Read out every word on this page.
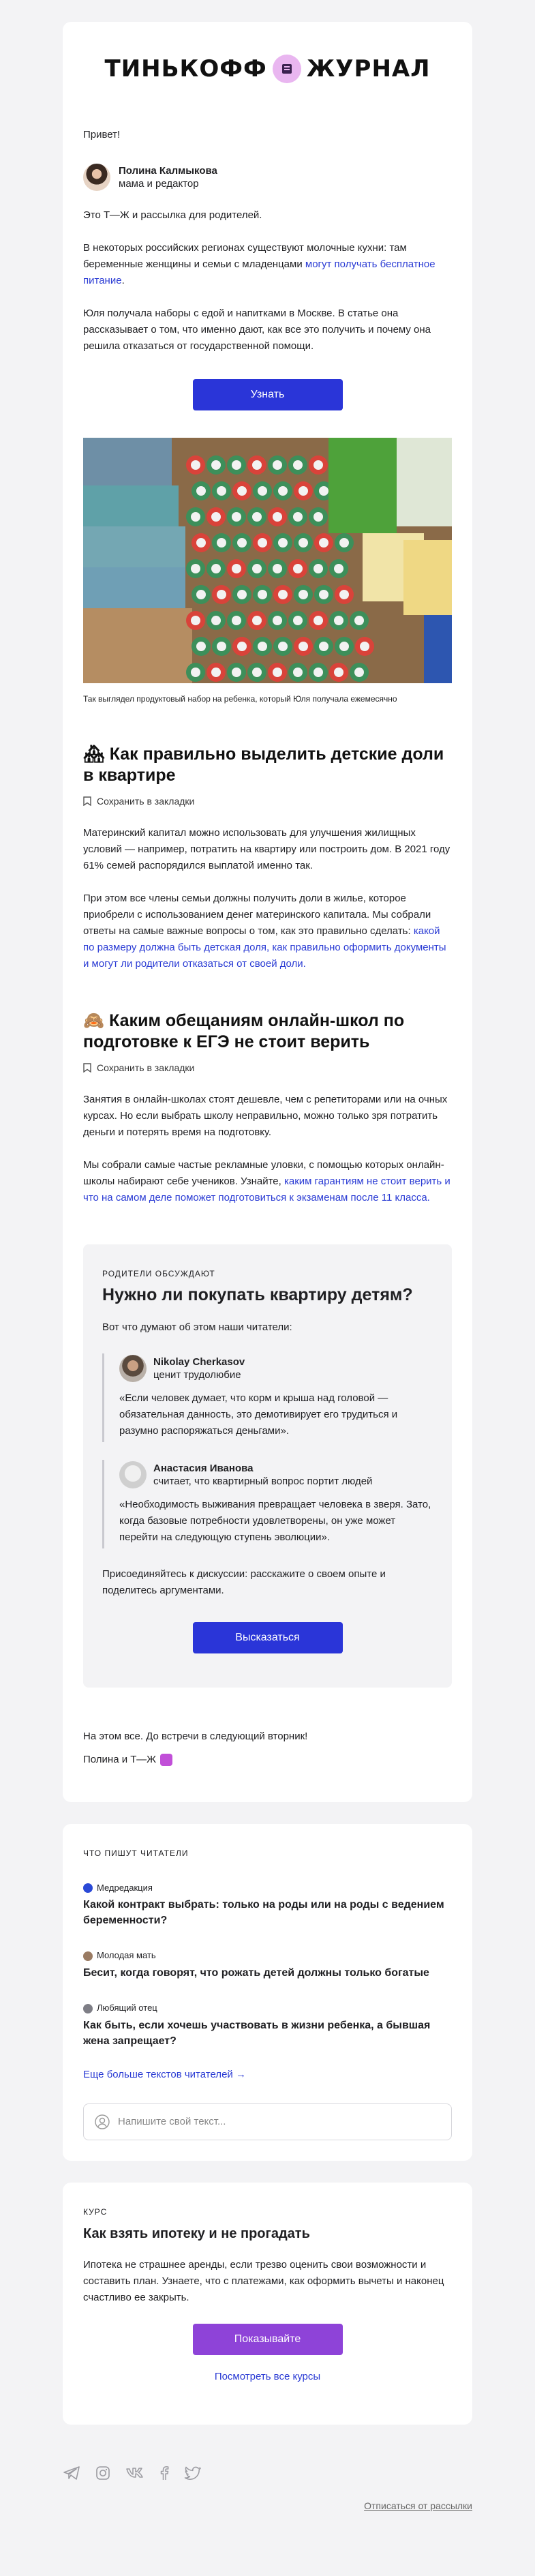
ТИНЬКОФФ ЖУРНАЛ

Привет!

Полина Калмыкова
мама и редактор

Это Т—Ж и рассылка для родителей.

В некоторых российских регионах существуют молочные кухни: там беременные женщины и семьи с младенцами могут получать бесплатное питание.

Юля получала наборы с едой и напитками в Москве. В статье она рассказывает о том, что именно дают, как все это получить и почему она решила отказаться от государственной помощи.

Узнать

Так выглядел продуктовый набор на ребенка, который Юля получала ежемесячно

🏘 Как правильно выделить детские доли в квартире
Сохранить в закладки

Материнский капитал можно использовать для улучшения жилищных условий — например, потратить на квартиру или построить дом. В 2021 году 61% семей распорядился выплатой именно так.

При этом все члены семьи должны получить доли в жилье, которое приобрели с использованием денег материнского капитала. Мы собрали ответы на самые важные вопросы о том, как это правильно сделать: какой по размеру должна быть детская доля, как правильно оформить документы и могут ли родители отказаться от своей доли.

🙈 Каким обещаниям онлайн-школ по подготовке к ЕГЭ не стоит верить
Сохранить в закладки

Занятия в онлайн-школах стоят дешевле, чем с репетиторами или на очных курсах. Но если выбрать школу неправильно, можно только зря потратить деньги и потерять время на подготовку.

Мы собрали самые частые рекламные уловки, с помощью которых онлайн-школы набирают себе учеников. Узнайте, каким гарантиям не стоит верить и что на самом деле поможет подготовиться к экзаменам после 11 класса.

РОДИТЕЛИ ОБСУЖДАЮТ
Нужно ли покупать квартиру детям?

Вот что думают об этом наши читатели:

Nikolay Cherkasov
ценит трудолюбие

«Если человек думает, что корм и крыша над головой — обязательная данность, это демотивирует его трудиться и разумно распоряжаться деньгами».

Анастасия Иванова
считает, что квартирный вопрос портит людей

«Необходимость выживания превращает человека в зверя. Зато, когда базовые потребности удовлетворены, он уже может перейти на следующую ступень эволюции».

Присоединяйтесь к дискуссии: расскажите о своем опыте и поделитесь аргументами.

Высказаться

На этом все. До встречи в следующий вторник!

Полина и Т—Ж
ЧТО ПИШУТ ЧИТАТЕЛИ
Медредакция
Какой контракт выбрать: только на роды или на роды с ведением беременности?
Молодая мать
Бесит, когда говорят, что рожать детей должны только богатые
Любящий отец
Как быть, если хочешь участвовать в жизни ребенка, а бывшая жена запрещает?
Еще больше текстов читателей →
Напишите свой текст...
КУРС
Как взять ипотеку и не прогадать

Ипотека не страшнее аренды, если трезво оценить свои возможности и составить план. Узнаете, что с платежами, как оформить вычеты и наконец счастливо ее закрыть.

Показывайте
Посмотреть все курсы
Отписаться от рассылки
